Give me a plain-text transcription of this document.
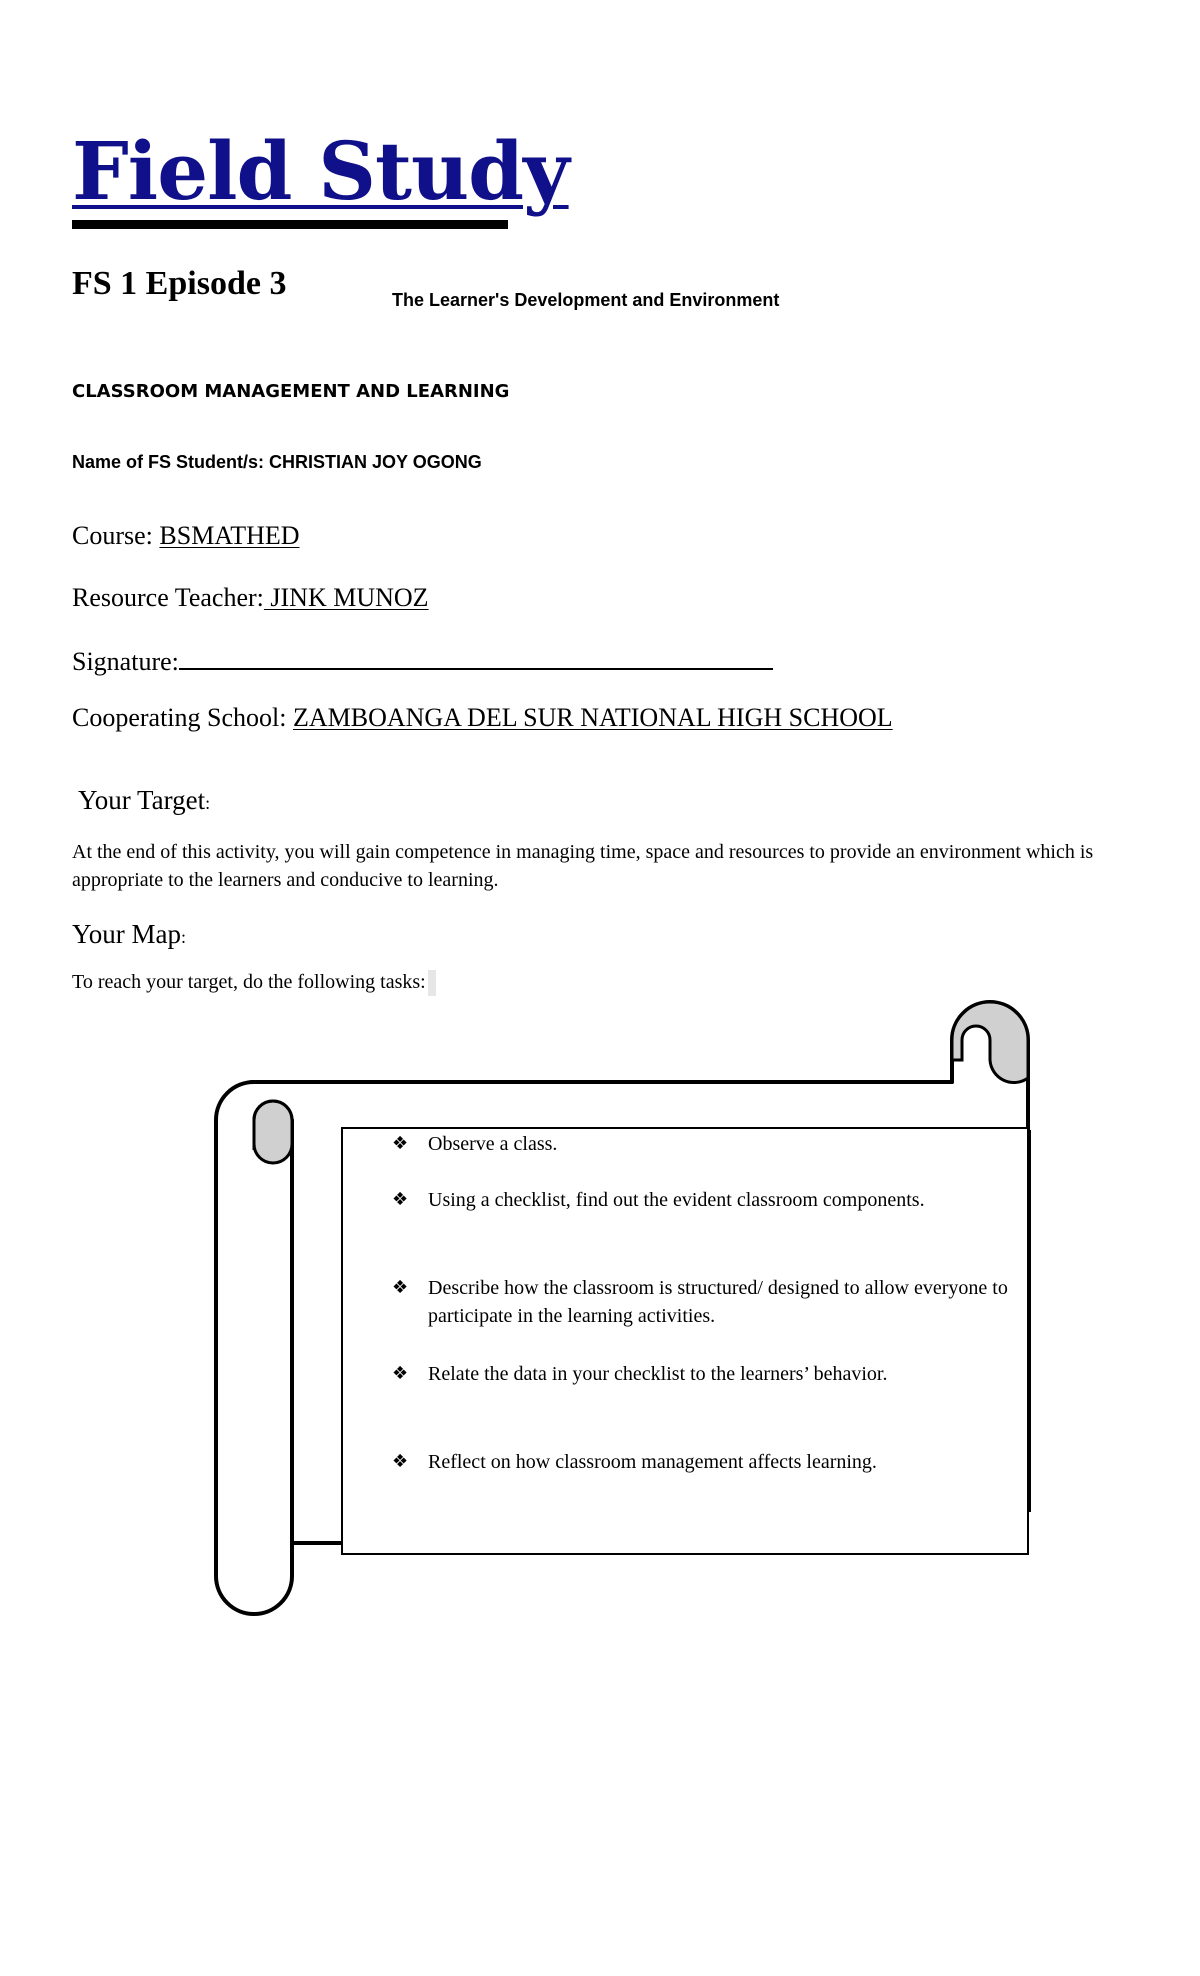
Field Study
FS 1 Episode 3	The Learner's Development and Environment
CLASSROOM MANAGEMENT AND LEARNING
Name of FS Student/s: CHRISTIAN JOY OGONG
Course: BSMATHED
Resource Teacher: JINK MUNOZ
Signature:
Cooperating School: ZAMBOANGA DEL SUR NATIONAL HIGH SCHOOL
Your Target:
At the end of this activity, you will gain competence in managing time, space and resources to provide an environment which is appropriate to the learners and conducive to learning.
Your Map:
To reach your target, do the following tasks:
❖ Observe a class.
❖ Using a checklist, find out the evident classroom components.
❖ Describe how the classroom is structured/ designed to allow everyone to participate in the learning activities.
❖ Relate the data in your checklist to the learners’ behavior.
❖ Reflect on how classroom management affects learning.
